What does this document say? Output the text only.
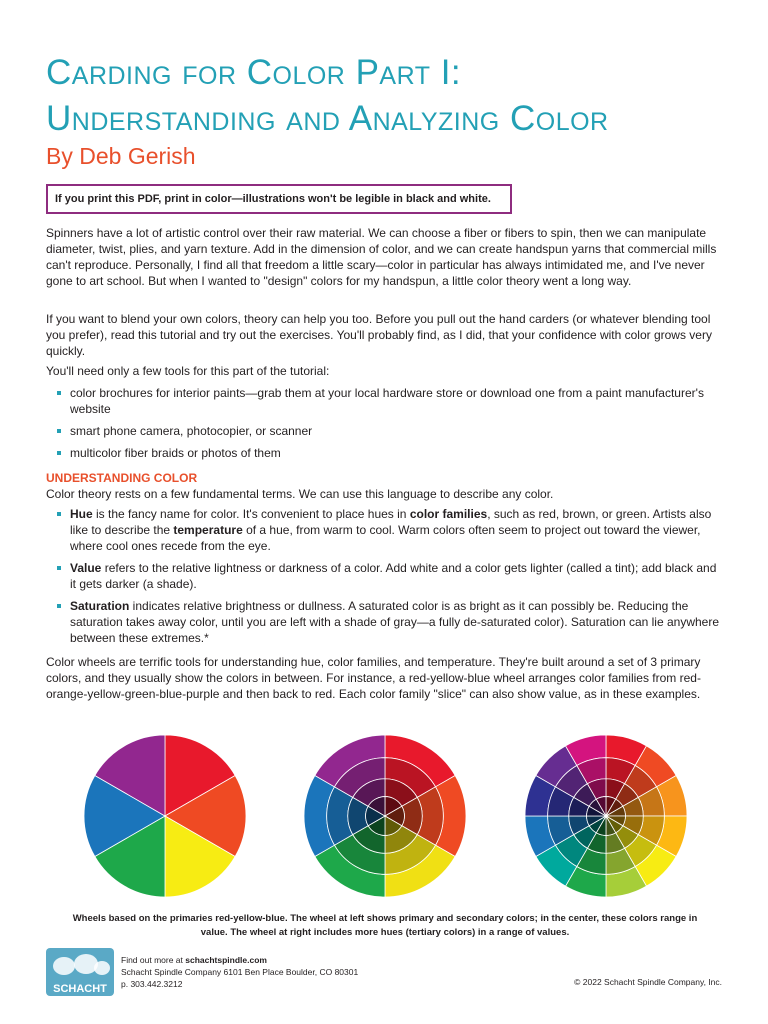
Carding for Color Part I:
Understanding and Analyzing Color
By Deb Gerish
If you print this PDF, print in color—illustrations won't be legible in black and white.

Spinners have a lot of artistic control over their raw material. We can choose a fiber or fibers to spin, then we can manipulate diameter, twist, plies, and yarn texture. Add in the dimension of color, and we can create handspun yarns that commercial mills can't reproduce. Personally, I find all that freedom a little scary—color in particular has always intimidated me, and I've never gone to art school. But when I wanted to "design" colors for my handspun, a little color theory went a long way.

If you want to blend your own colors, theory can help you too. Before you pull out the hand carders (or whatever blending tool you prefer), read this tutorial and try out the exercises. You'll probably find, as I did, that your confidence with color grows very quickly.

You'll need only a few tools for this part of the tutorial:

color brochures for interior paints—grab them at your local hardware store or download one from a paint manufacturer's website
smart phone camera, photocopier, or scanner
multicolor fiber braids or photos of them
UNDERSTANDING COLOR

Color theory rests on a few fundamental terms. We can use this language to describe any color.

Hue is the fancy name for color. It's convenient to place hues in color families, such as red, brown, or green. Artists also like to describe the temperature of a hue, from warm to cool. Warm colors often seem to project out toward the viewer, where cool ones recede from the eye.
Value refers to the relative lightness or darkness of a color. Add white and a color gets lighter (called a tint); add black and it gets darker (a shade).
Saturation indicates relative brightness or dullness. A saturated color is as bright as it can possibly be. Reducing the saturation takes away color, until you are left with a shade of gray—a fully de-saturated color). Saturation can lie anywhere between these extremes.*

Color wheels are terrific tools for understanding hue, color families, and temperature. They're built around a set of 3 primary colors, and they usually show the colors in between. For instance, a red-yellow-blue wheel arranges color families from red-orange-yellow-green-blue-purple and then back to red. Each color family "slice" can also show value, as in these examples.

Wheels based on the primaries red-yellow-blue. The wheel at left shows primary and secondary colors; in the center, these colors range in value. The wheel at right includes more hues (tertiary colors) in a range of values.

SCHACHT
Find out more at schachtspindle.com
Schacht Spindle Company 6101 Ben Place Boulder, CO 80301
p. 303.442.3212	© 2022 Schacht Spindle Company, Inc.
